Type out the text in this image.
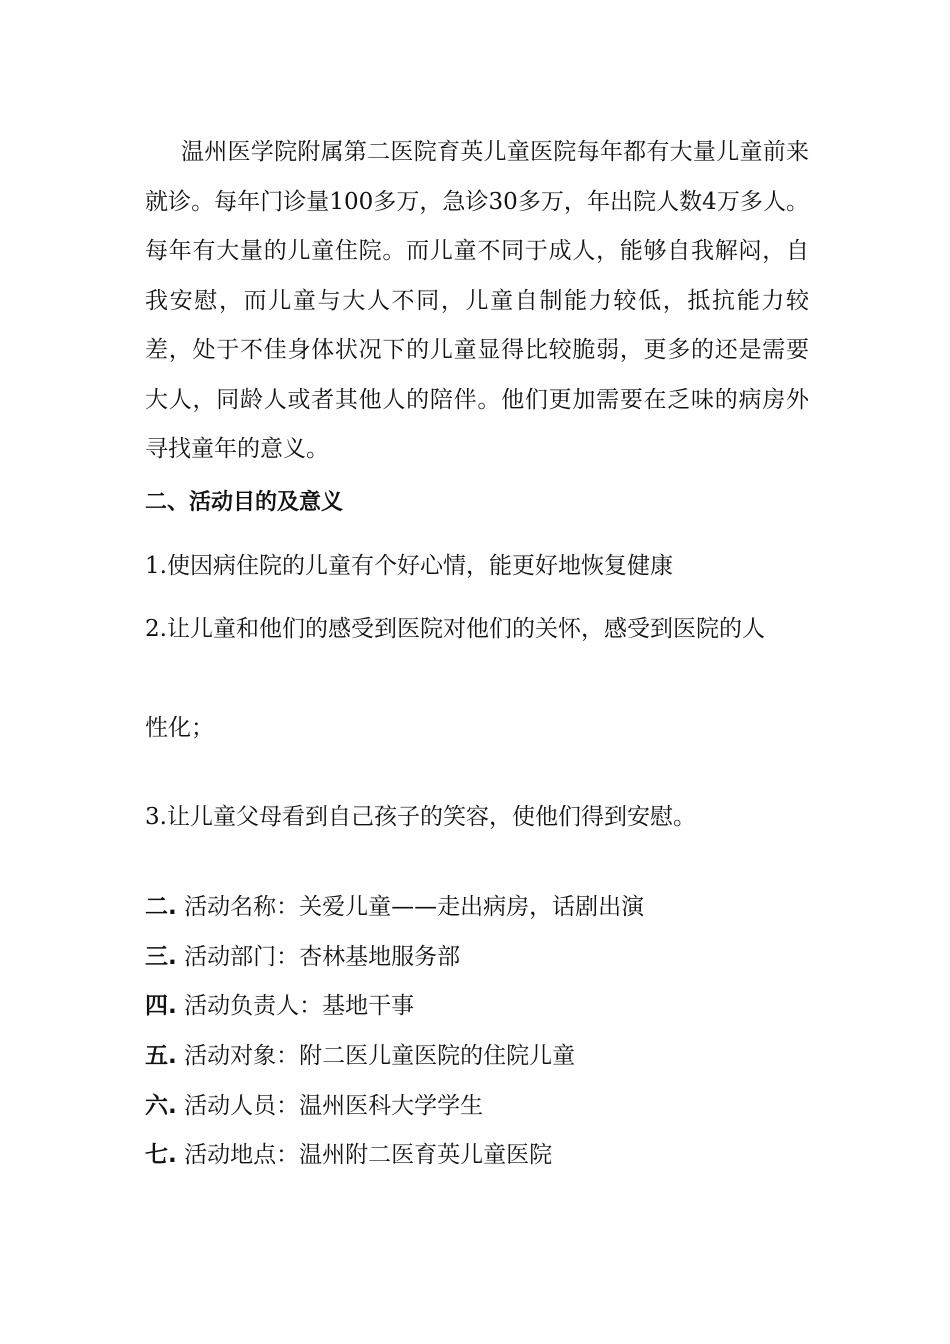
温州医学院附属第二医院育英儿童医院每年都有大量儿童前来就诊。每年门诊量100多万，急诊30多万，年出院人数4万多人。每年有大量的儿童住院。而儿童不同于成人，能够自我解闷，自我安慰，而儿童与大人不同，儿童自制能力较低，抵抗能力较差，处于不佳身体状况下的儿童显得比较脆弱，更多的还是需要大人，同龄人或者其他人的陪伴。他们更加需要在乏味的病房外寻找童年的意义。

二、活动目的及意义

1.使因病住院的儿童有个好心情，能更好地恢复健康

2.让儿童和他们的感受到医院对他们的关怀，感受到医院的人

性化；

3.让儿童父母看到自己孩子的笑容，使他们得到安慰。

二. 活动名称：关爱儿童——走出病房，话剧出演

三. 活动部门：杏林基地服务部

四. 活动负责人：基地干事

五. 活动对象：附二医儿童医院的住院儿童

六. 活动人员：温州医科大学学生

七. 活动地点：温州附二医育英儿童医院
